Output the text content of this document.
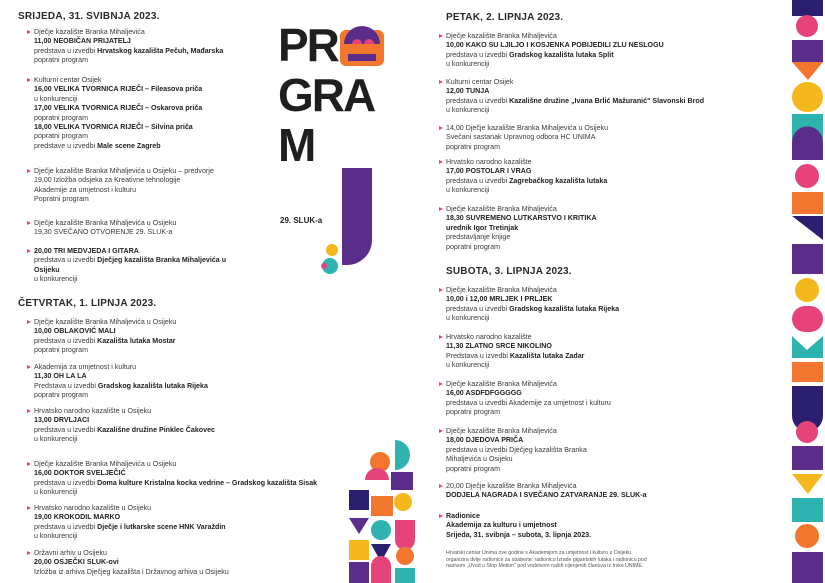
SRIJEDA, 31. SVIBNJA 2023.
Dječje kazalište Branka Mihaljevića
11,00 NEOBIČAN PRIJATELJ
predstava u izvedbi Hrvatskog kazališta Pečuh, Mađarska
popratni program
Kulturni centar Osijek
16,00 VELIKA TVORNICA RIJEČI – Fileasova priča
u konkurenciji
17,00 VELIKA TVORNICA RIJEČI – Oskarova priča
popratni program
18,00 VELIKA TVORNICA RIJEČI – Silvina priča
popratni program
predstave u izvedbi Male scene Zagreb
Dječje kazalište Branka Mihaljevića u Osijeku – predvorje
19,00 Izložba odsjeka za Kreativne tehnologije
Akademije za umjetnost i kulturu
Popratni program
Dječje kazalište Branka Mihaljevića u Osijeku
19,30 SVEČANO OTVORENJE 29. SLUK-a
20,00 TRI MEDVJEDA I GITARA
predstava u izvedbi Dječjeg kazališta Branka Mihaljevića u
Osijeku
u konkurenciji
ČETVRTAK, 1. LIPNJA 2023.
Dječje kazalište Branka Mihaljevića u Osijeku
10,00 OBLAKOVIĆ MALI
predstava u izvedbi Kazališta lutaka Mostar
popratni program
Akademija za umjetnost i kulturu
11,30 OH LA LA
Predstava u izvedbi Gradskog kazališta lutaka Rijeka
popratni program
Hrvatsko narodno kazalište u Osijeku
13,00 DRVLJACI
predstava u izvedbi Kazališne družine Pinklec Čakovec
u konkurenciji
Dječje kazalište Branka Mihaljevića u Osijeku
16,00 DOKTOR SVELJEČIĆ
predstava u izvedbi Doma kulture Kristalna kocka vedrine – Gradskog kazališta Sisak
u konkurenciji
Hrvatsko narodno kazalište u Osijeku
19,00 KROKODIL MARKO
predstava u izvedbi Dječje i lutkarske scene HNK Varaždin
u konkurenciji
Državni arhiv u Osijeku
20,00 OSJEČKI SLUK-ovi
Izložba iz arhiva Dječjeg kazališta i Državnog arhiva u Osijeku
PR
GRA
M
29. SLUK-a
PETAK, 2. LIPNJA 2023.
Dječje kazalište Branka Mihaljevića
10,00 KAKO SU LJILJO I KOSJENKA POBIJEDILI ZLU NESLOGU
predstava u izvedbi Gradskog kazališta lutaka Split
u konkurenciji
Kulturni centar Osijek
12,00 TUNJA
predstava u izvedbi Kazališne družine „Ivana Brlić Mažuranić" Slavonski Brod
u konkurenciji
14,00 Dječje kazalište Branka Mihaljevića u Osijeku
Svečani sastanak Upravnog odbora HC UNIMA
popratni program
Hrvatsko narodno kazalište
17,00 POSTOLAR I VRAG
predstava u izvedbi Zagrebačkog kazališta lutaka
u konkurenciji
Dječje kazalište Branka Mihaljevića
18,30 SUVREMENO LUTKARSTVO I KRITIKA
urednik Igor Tretinjak
predstavljanje knjige
popratni program
SUBOTA, 3. LIPNJA 2023.
Dječje kazalište Branka Mihaljevića
10,00 i 12,00 MRLJEK I PRLJEK
predstava u izvedbi Gradskog kazališta lutaka Rijeka
u konkurenciji
Hrvatsko narodno kazalište
11,30 ZLATNO SRCE NIKOLINO
Predstava u izvedbi Kazališta lutaka Zadar
u konkurenciji
Dječje kazalište Branka Mihaljevića
16,00 ASDFDFGGGGG
predstava u izvedbi Akademije za umjetnost i kulturu
popratni program
Dječje kazalište Branka Mihaljevića
18,00 DJEDOVA PRIČA
predstava u izvedbi Dječjeg kazališta Branka
Mihaljevića u Osijeku
popratni program
20,00 Dječje kazalište Branka Mihaljevića
DODJELA NAGRADA I SVEČANO ZATVARANJE 29. SLUK-a
Radionice
Akademija za kulturu i umjetnost
Srijeda, 31. svibnja – subota, 3. lipnja 2023.
Hrvatski centar Unima ove godine s Akademijom za umjetnost i kulturu u Osijeku
organizira dvije radionice za studente: radionicu Izrade gigantskih lutaka i radionicu pod
nazivom „Uvod u Stop Motion" pod vodstvom naših cijenjenih članova iz Irske UNIME.
